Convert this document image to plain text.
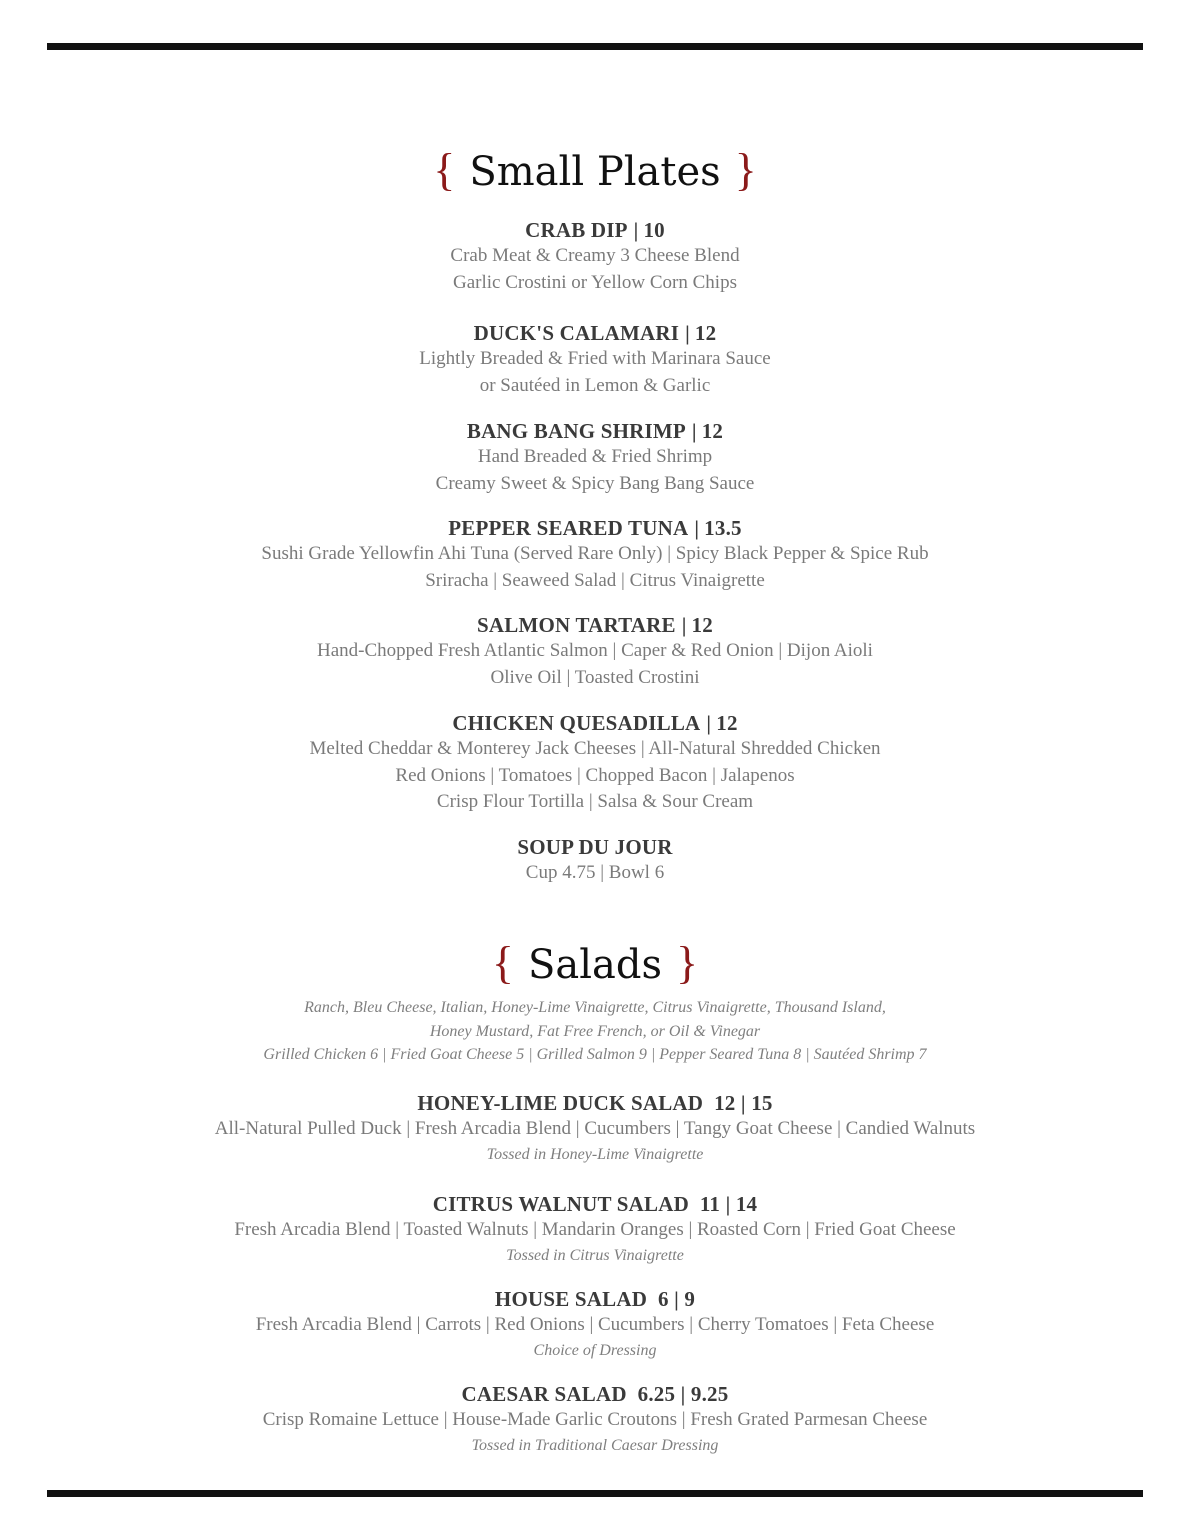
{ Small Plates }
CRAB DIP | 10
Crab Meat & Creamy 3 Cheese Blend
Garlic Crostini or Yellow Corn Chips
DUCK'S CALAMARI | 12
Lightly Breaded & Fried with Marinara Sauce
or Sautéed in Lemon & Garlic
BANG BANG SHRIMP | 12
Hand Breaded & Fried Shrimp
Creamy Sweet & Spicy Bang Bang Sauce
PEPPER SEARED TUNA | 13.5
Sushi Grade Yellowfin Ahi Tuna (Served Rare Only) | Spicy Black Pepper & Spice Rub
Sriracha | Seaweed Salad | Citrus Vinaigrette
SALMON TARTARE | 12
Hand-Chopped Fresh Atlantic Salmon | Caper & Red Onion | Dijon Aioli
Olive Oil | Toasted Crostini
CHICKEN QUESADILLA | 12
Melted Cheddar & Monterey Jack Cheeses | All-Natural Shredded Chicken
Red Onions | Tomatoes | Chopped Bacon | Jalapenos
Crisp Flour Tortilla | Salsa & Sour Cream
SOUP DU JOUR
Cup 4.75 | Bowl 6
{ Salads }
Ranch, Bleu Cheese, Italian, Honey-Lime Vinaigrette, Citrus Vinaigrette, Thousand Island,
Honey Mustard, Fat Free French, or Oil & Vinegar
Grilled Chicken 6 | Fried Goat Cheese 5 | Grilled Salmon 9 | Pepper Seared Tuna 8 | Sautéed Shrimp 7
HONEY-LIME DUCK SALAD 12 | 15
All-Natural Pulled Duck | Fresh Arcadia Blend | Cucumbers | Tangy Goat Cheese | Candied Walnuts
Tossed in Honey-Lime Vinaigrette
CITRUS WALNUT SALAD 11 | 14
Fresh Arcadia Blend | Toasted Walnuts | Mandarin Oranges | Roasted Corn | Fried Goat Cheese
Tossed in Citrus Vinaigrette
HOUSE SALAD 6 | 9
Fresh Arcadia Blend | Carrots | Red Onions | Cucumbers | Cherry Tomatoes | Feta Cheese
Choice of Dressing
CAESAR SALAD 6.25 | 9.25
Crisp Romaine Lettuce | House-Made Garlic Croutons | Fresh Grated Parmesan Cheese
Tossed in Traditional Caesar Dressing
